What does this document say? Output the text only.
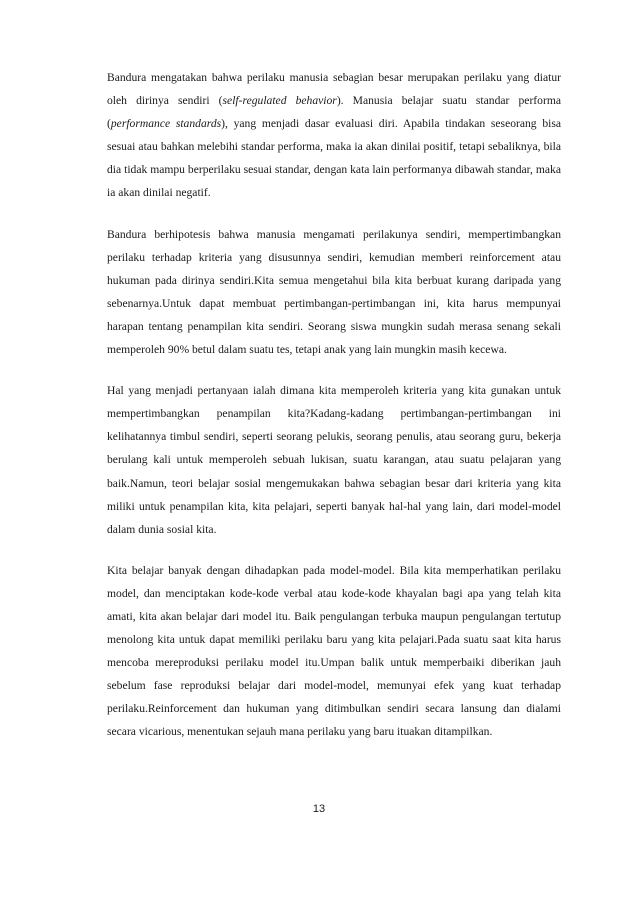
Bandura mengatakan bahwa perilaku manusia sebagian besar merupakan perilaku yang diatur oleh dirinya sendiri (self-regulated behavior). Manusia belajar suatu standar performa (performance standards), yang menjadi dasar evaluasi diri. Apabila tindakan seseorang bisa sesuai atau bahkan melebihi standar performa, maka ia akan dinilai positif, tetapi sebaliknya, bila dia tidak mampu berperilaku sesuai standar, dengan kata lain performanya dibawah standar, maka ia akan dinilai negatif.

Bandura berhipotesis bahwa manusia mengamati perilakunya sendiri, mempertimbangkan perilaku terhadap kriteria yang disusunnya sendiri, kemudian memberi reinforcement atau hukuman pada dirinya sendiri.Kita semua mengetahui bila kita berbuat kurang daripada yang sebenarnya.Untuk dapat membuat pertimbangan-pertimbangan ini, kita harus mempunyai harapan tentang penampilan kita sendiri. Seorang siswa mungkin sudah merasa senang sekali memperoleh 90% betul dalam suatu tes, tetapi anak yang lain mungkin masih kecewa.

Hal yang menjadi pertanyaan ialah dimana kita memperoleh kriteria yang kita gunakan untuk mempertimbangkan penampilan kita?Kadang-kadang pertimbangan-pertimbangan ini kelihatannya timbul sendiri, seperti seorang pelukis, seorang penulis, atau seorang guru, bekerja berulang kali untuk memperoleh sebuah lukisan, suatu karangan, atau suatu pelajaran yang baik.Namun, teori belajar sosial mengemukakan bahwa sebagian besar dari kriteria yang kita miliki untuk penampilan kita, kita pelajari, seperti banyak hal-hal yang lain, dari model-model dalam dunia sosial kita.

Kita belajar banyak dengan dihadapkan pada model-model. Bila kita memperhatikan perilaku model, dan menciptakan kode-kode verbal atau kode-kode khayalan bagi apa yang telah kita amati, kita akan belajar dari model itu. Baik pengulangan terbuka maupun pengulangan tertutup menolong kita untuk dapat memiliki perilaku baru yang kita pelajari.Pada suatu saat kita harus mencoba mereproduksi perilaku model itu.Umpan balik untuk memperbaiki diberikan jauh sebelum fase reproduksi belajar dari model-model, memunyai efek yang kuat terhadap perilaku.Reinforcement dan hukuman yang ditimbulkan sendiri secara lansung dan dialami secara vicarious, menentukan sejauh mana perilaku yang baru ituakan ditampilkan.

13
